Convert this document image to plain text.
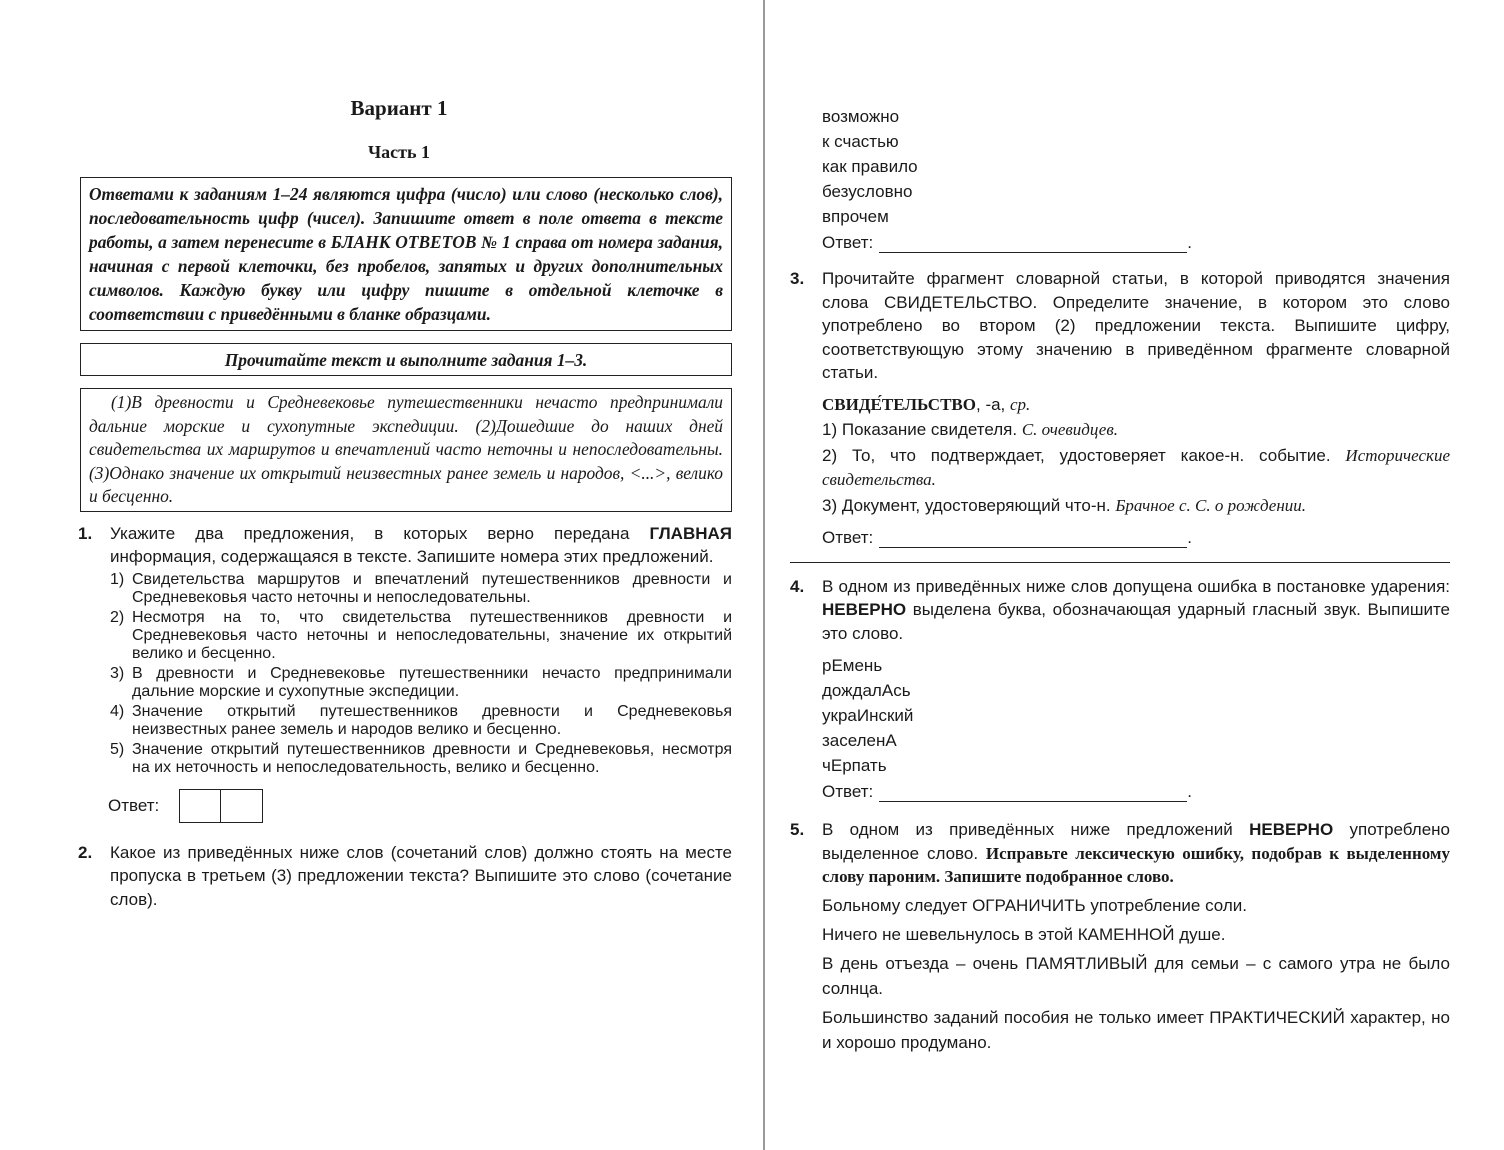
Вариант 1
Часть 1
Ответами к заданиям 1–24 являются цифра (число) или слово (несколько слов), последовательность цифр (чисел). Запишите ответ в поле ответа в тексте работы, а затем перенесите в БЛАНК ОТВЕТОВ № 1 справа от номера задания, начиная с первой клеточки, без пробелов, запятых и других дополнительных символов. Каждую букву или цифру пишите в отдельной клеточке в соответствии с приведёнными в бланке образцами.
Прочитайте текст и выполните задания 1–3.
(1)В древности и Средневековье путешественники нечасто предпринимали дальние морские и сухопутные экспедиции. (2)Дошедшие до наших дней свидетельства их маршрутов и впечатлений часто неточны и непоследовательны. (3)Однако значение их открытий неизвестных ранее земель и народов, <...>, велико и бесценно.
1.	Укажите два предложения, в которых верно передана ГЛАВНАЯ информация, содержащаяся в тексте. Запишите номера этих предложений.
1) Свидетельства маршрутов и впечатлений путешественников древности и Средневековья часто неточны и непоследовательны.
2) Несмотря на то, что свидетельства путешественников древности и Средневековья часто неточны и непоследовательны, значение их открытий велико и бесценно.
3) В древности и Средневековье путешественники нечасто предпринимали дальние морские и сухопутные экспедиции.
4) Значение открытий путешественников древности и Средневековья неизвестных ранее земель и народов велико и бесценно.
5) Значение открытий путешественников древности и Средневековья, несмотря на их неточность и непоследовательность, велико и бесценно.
Ответ:
2.	Какое из приведённых ниже слов (сочетаний слов) должно стоять на месте пропуска в третьем (3) предложении текста? Выпишите это слово (сочетание слов).
возможно
к счастью
как правило
безусловно
впрочем
Ответ:	.
3.	Прочитайте фрагмент словарной статьи, в которой приводятся значения слова СВИДЕТЕЛЬСТВО. Определите значение, в котором это слово употреблено во втором (2) предложении текста. Выпишите цифру, соответствующую этому значению в приведённом фрагменте словарной статьи.
СВИДЕ́ТЕЛЬСТВО, -а, ср.
1) Показание свидетеля. С. очевидцев.
2) То, что подтверждает, удостоверяет какое-н. событие. Исторические свидетельства.
3) Документ, удостоверяющий что-н. Брачное с. С. о рождении.
Ответ:	.
4.	В одном из приведённых ниже слов допущена ошибка в постановке ударения: НЕВЕРНО выделена буква, обозначающая ударный гласный звук. Выпишите это слово.
рЕмень
дождалАсь
украИнский
заселенА
чЕрпать
Ответ:	.
5.	В одном из приведённых ниже предложений НЕВЕРНО употреблено выделенное слово. Исправьте лексическую ошибку, подобрав к выделенному слову пароним. Запишите подобранное слово.
Больному следует ОГРАНИЧИТЬ употребление соли.
Ничего не шевельнулось в этой КАМЕННОЙ душе.
В день отъезда – очень ПАМЯТЛИВЫЙ для семьи – с самого утра не было солнца.
Большинство заданий пособия не только имеет ПРАКТИЧЕСКИЙ характер, но и хорошо продумано.
